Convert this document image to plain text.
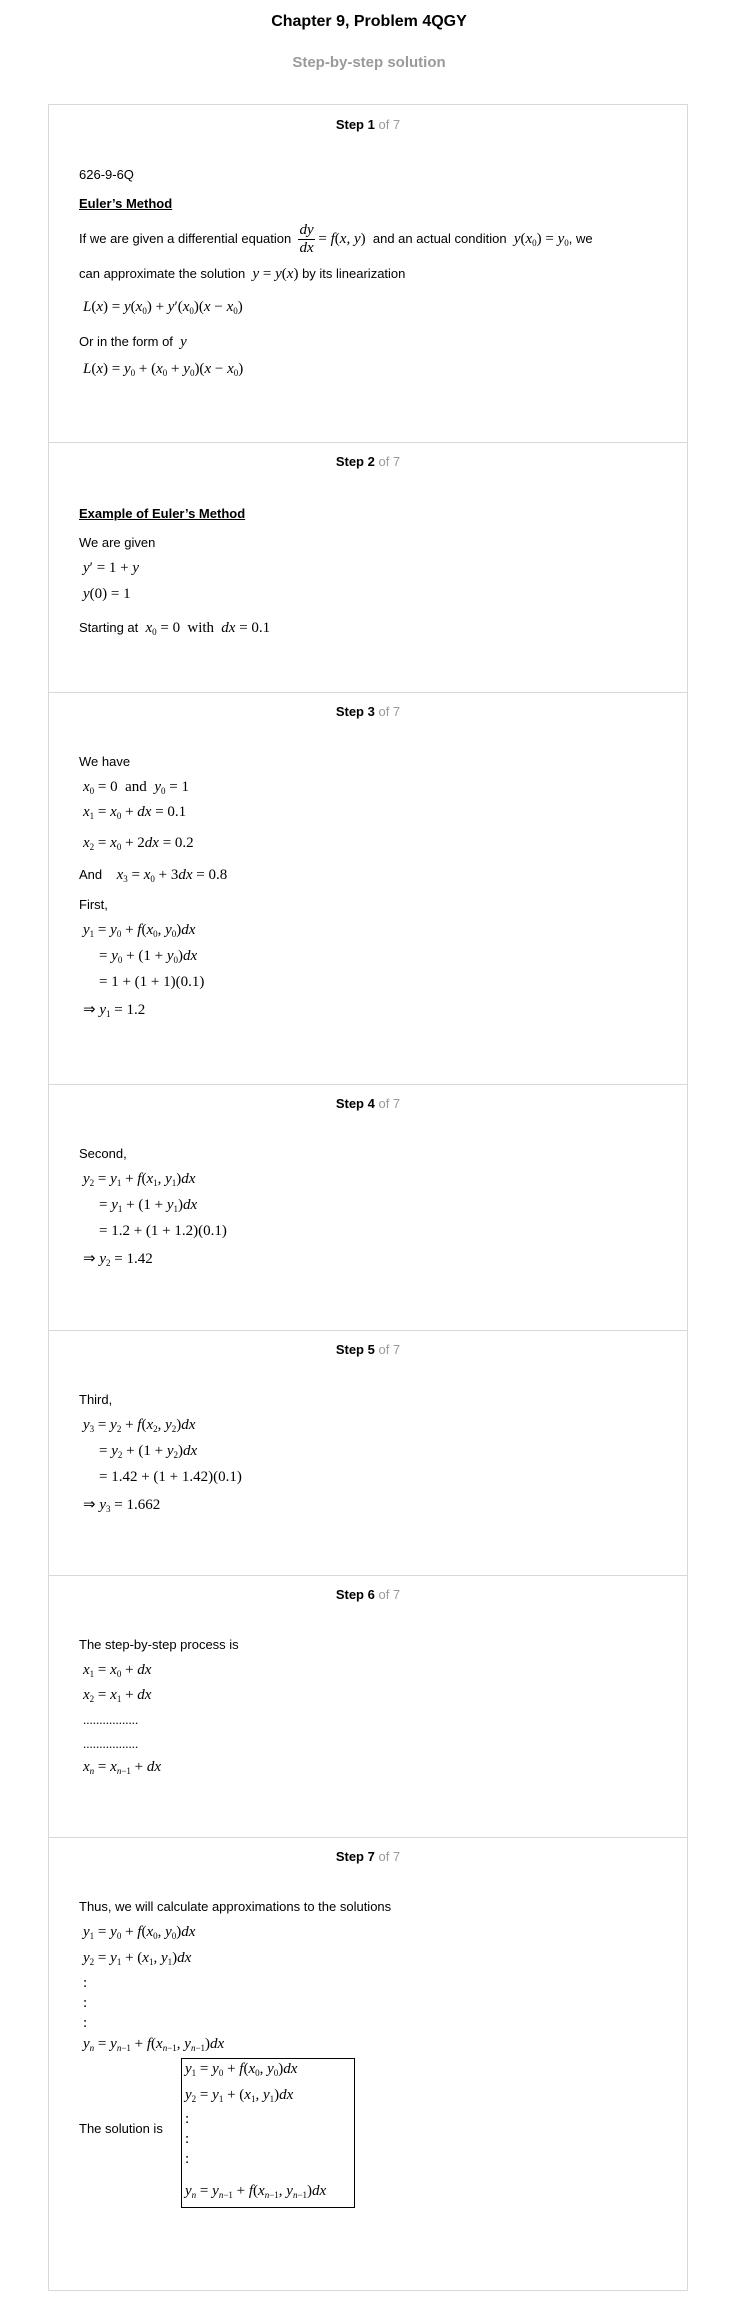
Chapter 9, Problem 4QGY
Step-by-step solution
Step 1 of 7
626-9-6Q
Euler’s Method
If we are given a differential equation $\frac{dy}{dx} = f(x$, y) and an actual condition $y(x_0) = y_0$, we
can approximate the solution y = y(x) by its linearization
$L(x) = y(x_0) + y'(x_0)(x - x_0)$
Or in the form of y
$L(x) = y_0 + (x_0 + y_0)(x - x_0)$
Step 2 of 7
Example of Euler’s Method
We are given
y′ = 1 + y
y(0) = 1
Starting at $x_0 = 0$ with dx = 0.1
Step 3 of 7
We have
$x_0 = 0$  and $y_0 = 1$
$x_1 = x_0$ + dx = 0.1
$x_2 = x_0 + 2dx = 0.2$
And $x_3 = x_0 + 3dx = 0.8$
First,
$y_1 = y_0 + f(x_0$, $y_0)dx$
= $y_0 + (1 + y_0)dx$
= 1 + (1 + 1)(0.1)
⇒ $y_1 = 1.2$
Step 4 of 7
Second,
$y_2 = y_1 + f(x_1$, $y_1)dx$
= $y_1 + (1 + y_1)dx$
= 1.2 + (1 + 1.2)(0.1)
⇒ $y_2 = 1.42$
Step 5 of 7
Third,
$y_3 = y_2 + f(x_2$, $y_2)dx$
= $y_2 + (1 + y_2)dx$
= 1.42 + (1 + 1.42)(0.1)
⇒ $y_3 = 1.662$
Step 6 of 7
The step-by-step process is
$x_1 = x_0$ + dx
$x_2 = x_1$ + dx
.................
.................
$x_n = x_{n-1}$ + dx
Step 7 of 7
Thus, we will calculate approximations to the solutions
$y_1 = y_0 + f(x_0$, $y_0)dx$
$y_2 = y_1 + (x_1$, $y_1)dx$
:
:
:
$y_n = y_{n-1} + f(x_{n-1}$, $y_{n-1})dx$
The solution is
$y_1 = y_0 + f(x_0$, $y_0)dx$
$y_2 = y_1 + (x_1$, $y_1)dx$
:
:
:
$y_n = y_{n-1} + f(x_{n-1}$, $y_{n-1})dx$
